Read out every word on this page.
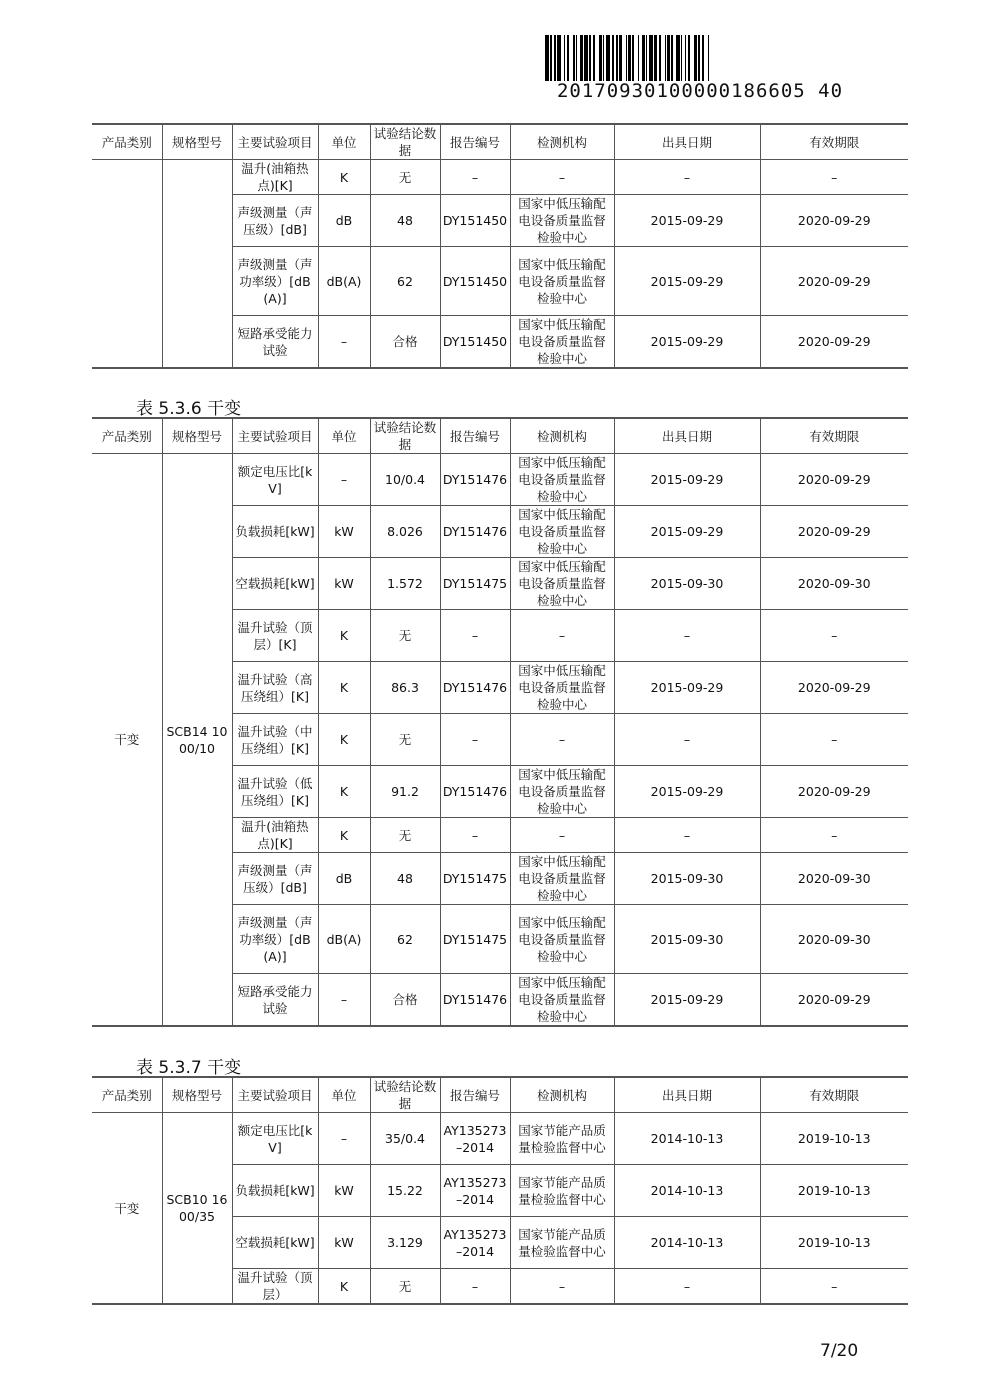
20170930100000186605 40
产品类别	规格型号	主要试验项目	单位	试验结论数据	报告编号	检测机构	出具日期	有效期限
		温升(油箱热点)[K]	K	无	–	–	–	–
		声级测量（声压级）[dB]	dB	48	DY151450	国家中低压输配电设备质量监督检验中心	2015-09-29	2020-09-29
		声级测量（声功率级）[dB(A)]	dB(A)	62	DY151450	国家中低压输配电设备质量监督检验中心	2015-09-29	2020-09-29
		短路承受能力试验	–	合格	DY151450	国家中低压输配电设备质量监督检验中心	2015-09-29	2020-09-29
表 5.3.6 干变
产品类别	规格型号	主要试验项目	单位	试验结论数据	报告编号	检测机构	出具日期	有效期限
干变	SCB14 1000/10	额定电压比[kV]	–	10/0.4	DY151476	国家中低压输配电设备质量监督检验中心	2015-09-29	2020-09-29
		负载损耗[kW]	kW	8.026	DY151476	国家中低压输配电设备质量监督检验中心	2015-09-29	2020-09-29
		空载损耗[kW]	kW	1.572	DY151475	国家中低压输配电设备质量监督检验中心	2015-09-30	2020-09-30
		温升试验（顶层）[K]	K	无	–	–	–	–
		温升试验（高压绕组）[K]	K	86.3	DY151476	国家中低压输配电设备质量监督检验中心	2015-09-29	2020-09-29
		温升试验（中压绕组）[K]	K	无	–	–	–	–
		温升试验（低压绕组）[K]	K	91.2	DY151476	国家中低压输配电设备质量监督检验中心	2015-09-29	2020-09-29
		温升(油箱热点)[K]	K	无	–	–	–	–
		声级测量（声压级）[dB]	dB	48	DY151475	国家中低压输配电设备质量监督检验中心	2015-09-30	2020-09-30
		声级测量（声功率级）[dB(A)]	dB(A)	62	DY151475	国家中低压输配电设备质量监督检验中心	2015-09-30	2020-09-30
		短路承受能力试验	–	合格	DY151476	国家中低压输配电设备质量监督检验中心	2015-09-29	2020-09-29
表 5.3.7 干变
产品类别	规格型号	主要试验项目	单位	试验结论数据	报告编号	检测机构	出具日期	有效期限
干变	SCB10 1600/35	额定电压比[kV]	–	35/0.4	AY135273–2014	国家节能产品质量检验监督中心	2014-10-13	2019-10-13
		负载损耗[kW]	kW	15.22	AY135273–2014	国家节能产品质量检验监督中心	2014-10-13	2019-10-13
		空载损耗[kW]	kW	3.129	AY135273–2014	国家节能产品质量检验监督中心	2014-10-13	2019-10-13
		温升试验（顶层）	K	无	–	–	–	–
7/20
